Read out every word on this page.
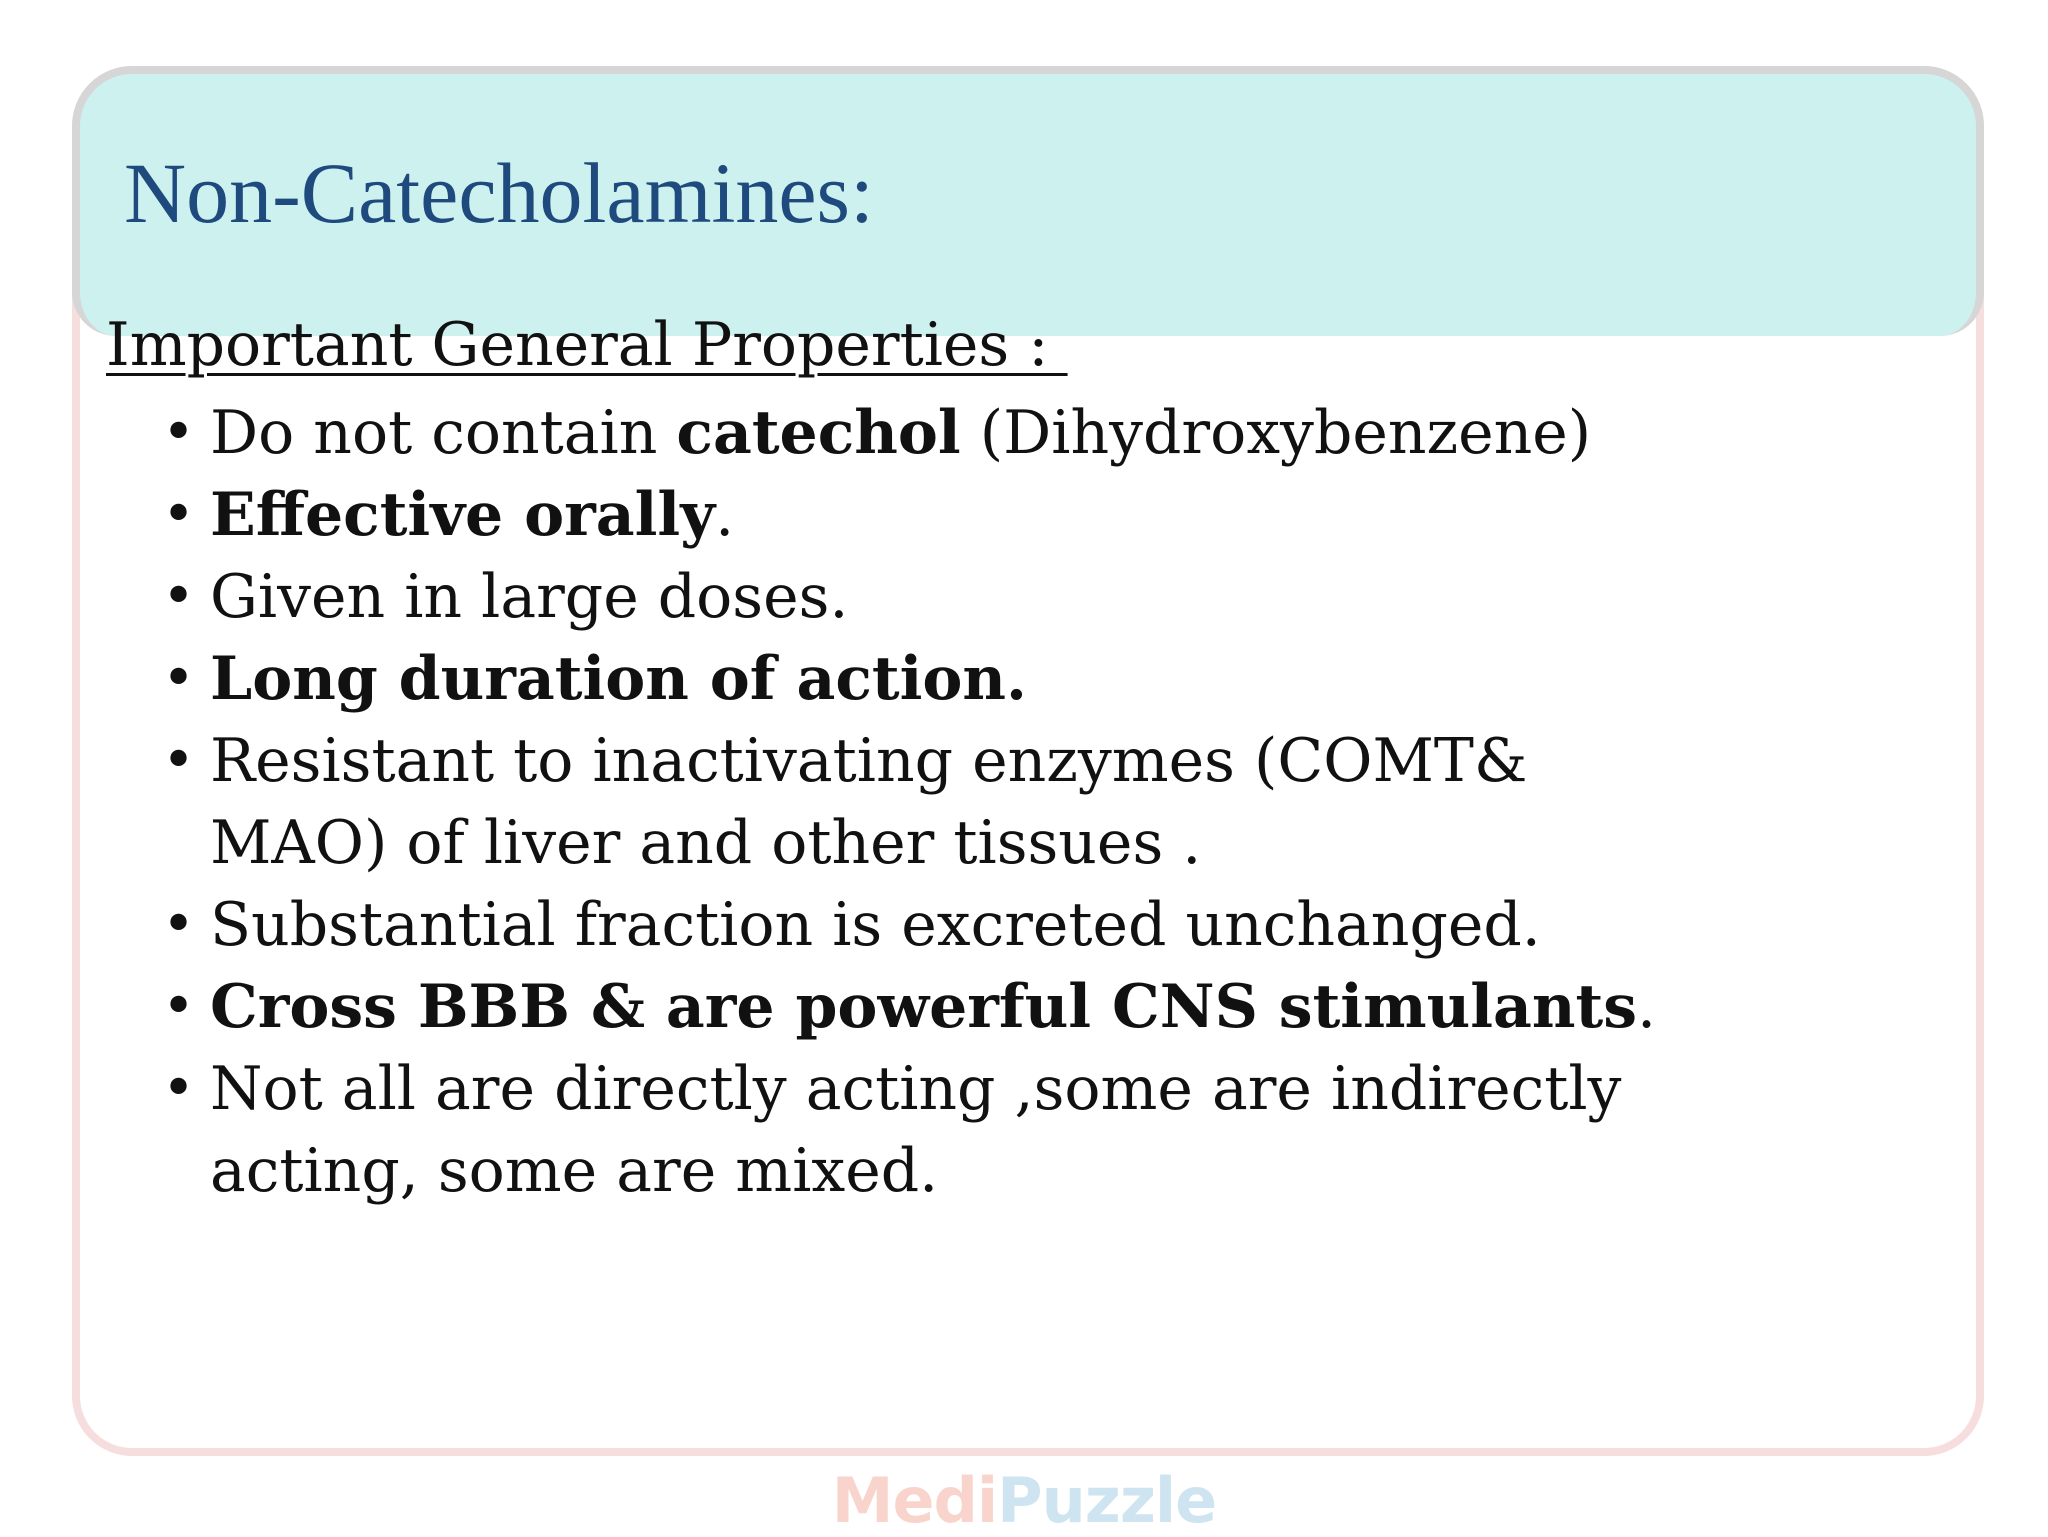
Non-Catecholamines:
Important General Properties :
• Do not contain catechol (Dihydroxybenzene)
• Effective orally.
• Given in large doses.
• Long duration of action.
• Resistant to inactivating enzymes (COMT&
MAO) of liver and other tissues .
• Substantial fraction is excreted unchanged.
• Cross BBB & are powerful CNS stimulants.
• Not all are directly acting ,some are indirectly
acting, some are mixed.
MediPuzzle
